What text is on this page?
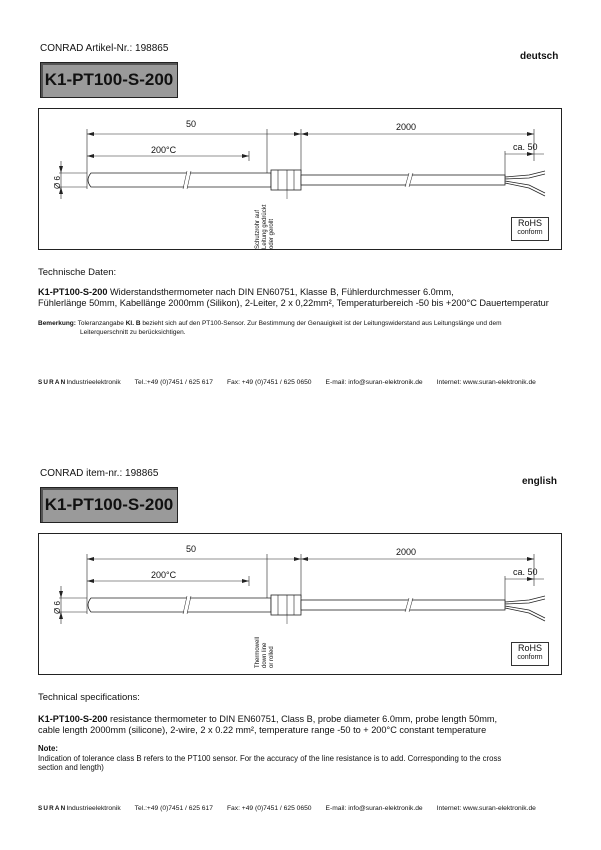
CONRAD Artikel-Nr.: 198865
deutsch
K1-PT100-S-200
50	2000
200°C	ca. 50
Ø 6
Schutzrohr auf Leitung gedrückt oder gerollt	RoHS
conform
Technische Daten:
K1-PT100-S-200 Widerstandsthermometer nach DIN EN60751, Klasse B, Fühlerdurchmesser 6.0mm,
Fühlerlänge 50mm, Kabellänge 2000mm (Silikon), 2-Leiter, 2 x 0,22mm², Temperaturbereich -50 bis +200°C Dauertemperatur
Bemerkung: Toleranzangabe Kl. B bezieht sich auf den PT100-Sensor. Zur Bestimmung der Genauigkeit ist der Leitungswiderstand aus Leitungslänge und dem
Leiterquerschnitt zu berücksichtigen.
SURAN Industrieelektronik Tel.:+49 (0)7451 / 625 617 Fax: +49 (0)7451 / 625 0650 E-mail: info@suran-elektronik.de Internet: www.suran-elektronik.de
CONRAD item-nr.: 198865
english
K1-PT100-S-200
50	2000
200°C	ca. 50
Ø 6
Thermowell down line or rolled	RoHS
conform
Technical specifications:
K1-PT100-S-200 resistance thermometer to DIN EN60751, Class B, probe diameter 6.0mm, probe length 50mm,
cable length 2000mm (silicone), 2-wire, 2 x 0.22 mm², temperature range -50 to + 200°C constant temperature
Note:
Indication of tolerance class B refers to the PT100 sensor. For the accuracy of the line resistance is to add. Corresponding to the cross
section and length)
SURAN Industrieelektronik Tel.:+49 (0)7451 / 625 617 Fax: +49 (0)7451 / 625 0650 E-mail: info@suran-elektronik.de Internet: www.suran-elektronik.de
